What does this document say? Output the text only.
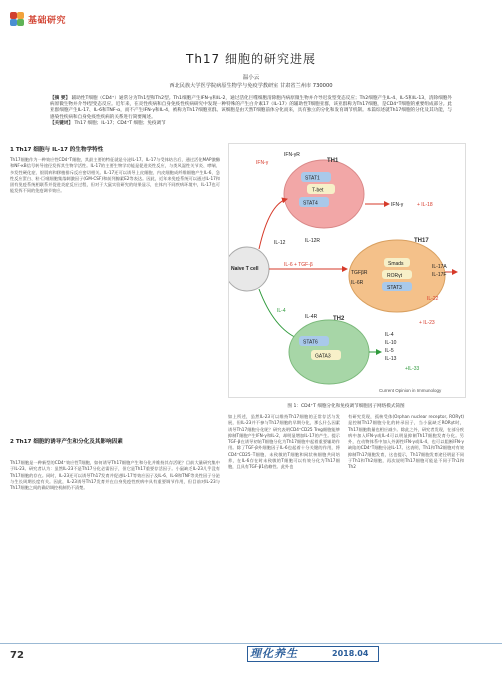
基础研究
Th17 细胞的研究进展
温小云
西北民族大学医学院病原生物学与免疫学教研室 甘肃省兰州市 730000
【摘 要】 辅助性T细胞（CD4⁺）通常分为Th1型和Th2型。Th1细胞产生IFN-γ和IL-2，通过活化巨噬细胞清除胞内病原微生物并介导迟发型变态反应；Th2细胞产生IL-4、IL-5和IL-13，清除细胞外病原微生物并介导I型变态反应。近年来，在炎性疾病和自身免疫性疾病研究中发现一种特殊的产生白介素17（IL-17）的辅助性T细胞亚群，该亚群称为Th17细胞，是CD4⁺T细胞的重要组成部分。此亚群细胞产生IL-17、IL-6和TNF-α，而不产生IFN-γ和IL-4，被称为Th17细胞亚群。该细胞是由天然T细胞前体分化而来，具有独立的分化和发育调节机制。本篇综述就Th17细胞的分化及其功能，与感染性疾病和自身免疫性疾病的关系进行简要阐述。
【关键词】 Th17 细胞；IL-17；CD4⁺T 细胞；免疫调节
1 Th17 细胞与 IL-17 的生物学特性
Th17细胞作为一种效应性CD4⁺T细胞，其最主要的特征就是分泌IL-17。IL-17与受体结合后，通过活化MAP激酶和NF-κB信号转导途径发挥其生物学活性。IL-17的主要生物学功能是促进炎性反应，与类风湿性关节炎、哮喘、多发性硬化症、银屑病和移植排斥反应密切相关。IL-17还可以诱导上皮细胞、内皮细胞成纤维细胞产生IL-6、急性反应蛋白、粒-巨噬细胞集落刺激因子(GM-CSF)和前列腺素E2等表达。因此，近年来免疫系统可以通过IL-17和固有免疫系统相联系并促进炎症反应过程，但对于大鼠实验研究的结果显示，在体内不同疾病环境中，IL-17也可能发挥不同的免疫调节效应。
2 Th17 细胞的诱导产生和分化及其影响因素
Th17细胞是一种新型的CD4⁺效应性T细胞，如何诱导Th17细胞产生和分化并维持其存活呢？目前大量研究集中于IL-23。研究者认为：虽然IL-23不是Th17分化必需因子，但它是Th17重要存活因子。小鼠缺乏IL-23几乎没有Th17细胞的存在。同时，IL-23还可以诱导Th17发育并促进IL-17等效应因子及IL-6、IL-8和TNF等炎性因子分泌与生长周期长度有关。因此，IL-23诱导Th17发育并在自身免疫性疾病中具有重要调节作用，但目前对IL-23与Th17细胞之间的确切调控机制仍不清楚。
TH1
STAT1
T-bet
STAT4
IFN-γ
IFN-γR
IFN-γ	+ IL-18
IL-12	IL-12R
Naive T cell
IL-6 + TGF-β
TH17
TGFβR
IL-6R
Smads
RORγt
STAT3
IL-17A
IL-17F
IL-22
+ IL-23
TH2
IL-4
IL-4R
STAT6
GATA3
IL-4
IL-10
IL-5
IL-13
+IL-33
Current Opinion in Immunology
图 1：CD4⁺T 细胞分化和免疫调节细胞因子网络模式简图
如上所述，虽然IL-23可以维持Th17细胞的正常存活与发展，但IL-23并不参与Th17细胞的早期分化，那么什么因素诱导Th17细胞分化呢？研究表明CD4⁺CD25 Treg细胞能够抑制T细胞产生IFN-γ和IL-2，却明显增加IL-17的产生。提示TGF-β在诱导初始T细胞分化为Th17细胞中起着重要辅助作用。除了TGF-β外细胞因子IL-6也起着十分关键的作用，将CD4⁺CD25⁻T细胞、未致敏的T细胞和网状核细胞共同培养，在IL-6存在时未致敏的T细胞可以有效分化为Th17细胞，且具有TGF-β1依赖性。此外也
有研究发现，孤核受体(Orphan nuclear receptor, RORγt)是控制Th17细胞分化的转录因子，当小鼠缺乏RORγt时，Th17细胞数量也相应减少。除此之外，研究者发现，在部分疾病中加入IFN-γ或IL-4可以明显抑制Th17细胞发育分化。另外，在动物体系中加入外源性IFN-γ或IL-4，也可以阻断IFN-γ缺陷的CD4⁺T细胞分泌IL-17。这表明，Th1和Th2细胞对有效抑制Th17细胞发育，这也提示，Th17细胞发育途径明显不同于Th1和Th2细胞，再次说明Th17细胞可能是不同于Th1和Th2
72	理化养生	2018.04
